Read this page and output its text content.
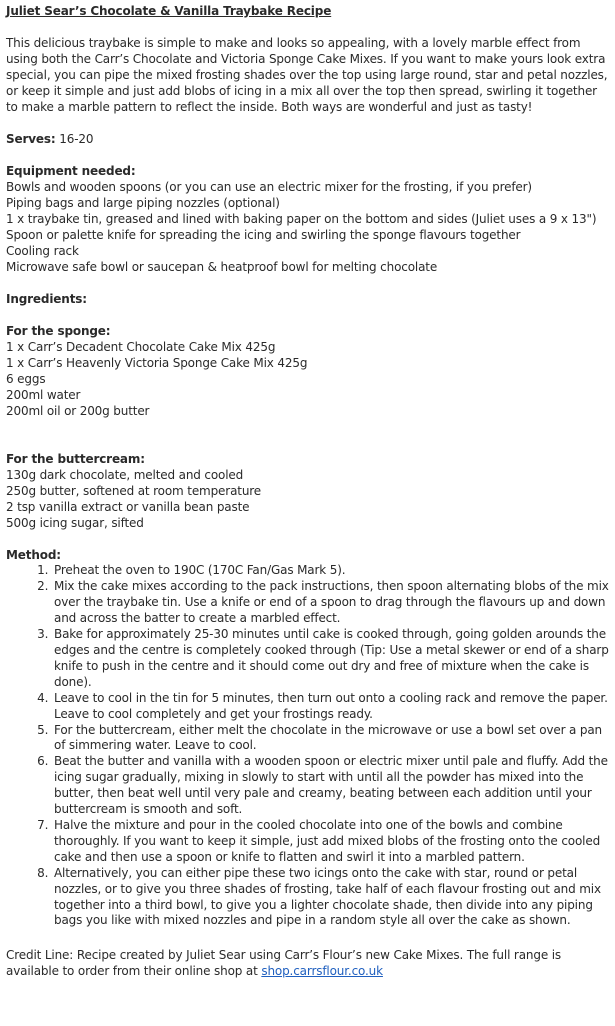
Juliet Sear’s Chocolate & Vanilla Traybake Recipe
This delicious traybake is simple to make and looks so appealing, with a lovely marble effect from using both the Carr’s Chocolate and Victoria Sponge Cake Mixes. If you want to make yours look extra special, you can pipe the mixed frosting shades over the top using large round, star and petal nozzles, or keep it simple and just add blobs of icing in a mix all over the top then spread, swirling it together to make a marble pattern to reflect the inside. Both ways are wonderful and just as tasty!
Serves: 16-20
Equipment needed:
Bowls and wooden spoons (or you can use an electric mixer for the frosting, if you prefer)
Piping bags and large piping nozzles (optional)
1 x traybake tin, greased and lined with baking paper on the bottom and sides (Juliet uses a 9 x 13")
Spoon or palette knife for spreading the icing and swirling the sponge flavours together
Cooling rack
Microwave safe bowl or saucepan & heatproof bowl for melting chocolate
Ingredients:
For the sponge:
1 x Carr’s Decadent Chocolate Cake Mix 425g
1 x Carr’s Heavenly Victoria Sponge Cake Mix 425g
6 eggs
200ml water
200ml oil or 200g butter
For the buttercream:
130g dark chocolate, melted and cooled
250g butter, softened at room temperature
2 tsp vanilla extract or vanilla bean paste
500g icing sugar, sifted
Method:
1. Preheat the oven to 190C (170C Fan/Gas Mark 5).
2. Mix the cake mixes according to the pack instructions, then spoon alternating blobs of the mix over the traybake tin. Use a knife or end of a spoon to drag through the flavours up and down and across the batter to create a marbled effect.
3. Bake for approximately 25-30 minutes until cake is cooked through, going golden arounds the edges and the centre is completely cooked through (Tip: Use a metal skewer or end of a sharp knife to push in the centre and it should come out dry and free of mixture when the cake is done).
4. Leave to cool in the tin for 5 minutes, then turn out onto a cooling rack and remove the paper. Leave to cool completely and get your frostings ready.
5. For the buttercream, either melt the chocolate in the microwave or use a bowl set over a pan of simmering water. Leave to cool.
6. Beat the butter and vanilla with a wooden spoon or electric mixer until pale and fluffy. Add the icing sugar gradually, mixing in slowly to start with until all the powder has mixed into the butter, then beat well until very pale and creamy, beating between each addition until your buttercream is smooth and soft.
7. Halve the mixture and pour in the cooled chocolate into one of the bowls and combine thoroughly. If you want to keep it simple, just add mixed blobs of the frosting onto the cooled cake and then use a spoon or knife to flatten and swirl it into a marbled pattern.
8. Alternatively, you can either pipe these two icings onto the cake with star, round or petal nozzles, or to give you three shades of frosting, take half of each flavour frosting out and mix together into a third bowl, to give you a lighter chocolate shade, then divide into any piping bags you like with mixed nozzles and pipe in a random style all over the cake as shown.
Credit Line: Recipe created by Juliet Sear using Carr’s Flour’s new Cake Mixes. The full range is available to order from their online shop at shop.carrsflour.co.uk
